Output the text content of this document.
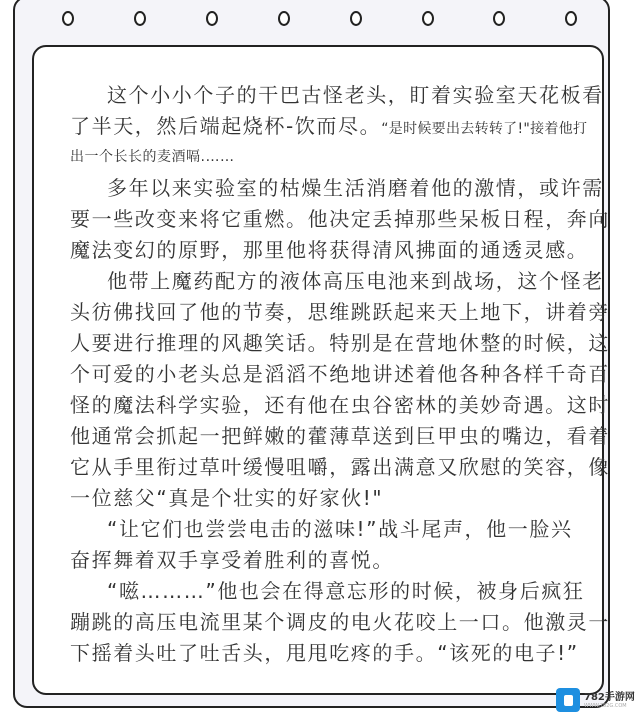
这个小小个子的干巴古怪老头，盯着实验室天花板看
了半天，然后端起烧杯-饮而尽。“是时候要出去转转了!"接着他打
出一个长长的麦酒嗝.……
多年以来实验室的枯燥生活消磨着他的激情，或许需
要一些改变来将它重燃。他决定丢掉那些呆板日程，奔向
魔法变幻的原野，那里他将获得清风拂面的通透灵感。
他带上魔药配方的液体高压电池来到战场，这个怪老
头彷佛找回了他的节奏，思维跳跃起来天上地下，讲着旁
人要进行推理的风趣笑话。特别是在营地休整的时候，这
个可爱的小老头总是滔滔不绝地讲述着他各种各样千奇百
怪的魔法科学实验，还有他在虫谷密林的美妙奇遇。这时
他通常会抓起一把鲜嫩的藿薄草送到巨甲虫的嘴边，看着
它从手里衔过草叶缓慢咀嚼，露出满意又欣慰的笑容，像
一位慈父“真是个壮实的好家伙!"
“让它们也尝尝电击的滋味!”战斗尾声，他一脸兴
奋挥舞着双手享受着胜利的喜悦。
“嗞………”他也会在得意忘形的时候，被身后疯狂
蹦跳的高压电流里某个调皮的电火花咬上一口。他激灵一
下摇着头吐了吐舌头，甩甩吃疼的手。“该死的电子!”
782手游网
WWW.782G.COM
